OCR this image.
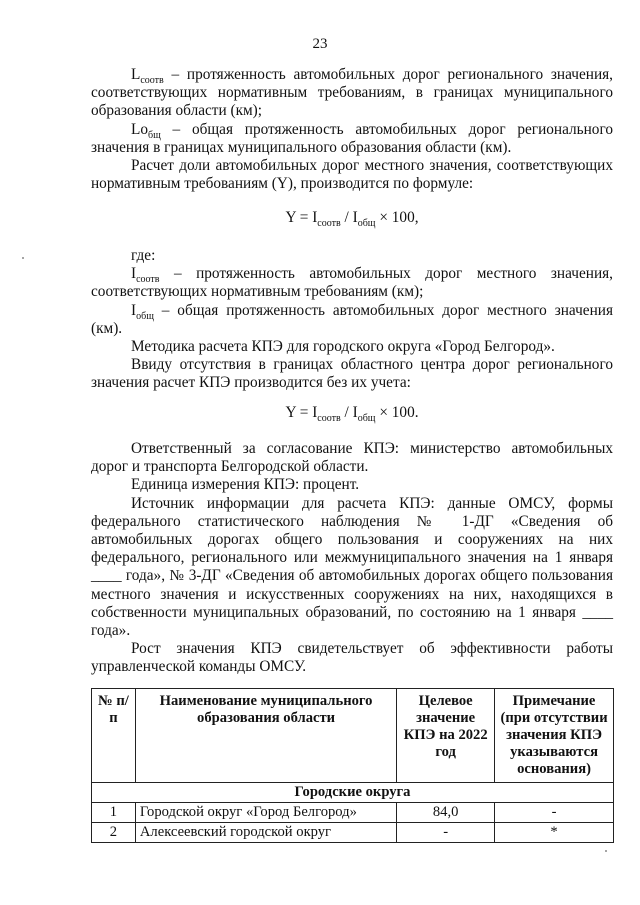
23

$L_{соотв}$ – протяженность автомобильных дорог регионального значения, соответствующих нормативным требованиям, в границах муниципального образования области (км);

$Lо_{бщ}$ – общая протяженность автомобильных дорог регионального значения в границах муниципального образования области (км).

Расчет доли автомобильных дорог местного значения, соответствующих нормативным требованиям (Y), производится по формуле:

$Y = I_{соотв} / I_{общ} \times 100$,

где:

$I_{соотв}$ – протяженность автомобильных дорог местного значения, соответствующих нормативным требованиям (км);

$I_{общ}$ – общая протяженность автомобильных дорог местного значения (км).

Методика расчета КПЭ для городского округа «Город Белгород».

Ввиду отсутствия в границах областного центра дорог регионального значения расчет КПЭ производится без их учета:

$Y = I_{соотв} / I_{общ} \times 100$.

Ответственный за согласование КПЭ: министерство автомобильных дорог и транспорта Белгородской области.

Единица измерения КПЭ: процент.

Источник информации для расчета КПЭ: данные ОМСУ, формы федерального статистического наблюдения № 1-ДГ «Сведения об автомобильных дорогах общего пользования и сооружениях на них федерального, регионального или межмуниципального значения на 1 января ____ года», № 3-ДГ «Сведения об автомобильных дорогах общего пользования местного значения и искусственных сооружениях на них, находящихся в собственности муниципальных образований, по состоянию на 1 января ____ года».

Рост значения КПЭ свидетельствует об эффективности работы управленческой команды ОМСУ.

№ п/п	Наименование муниципального образования области	Целевое значение КПЭ на 2022 год	Примечание (при отсутствии значения КПЭ указываются основания)
Городские округа			
1	Городской округ «Город Белгород»	84,0	-
2	Алексеевский городской округ	-	*
